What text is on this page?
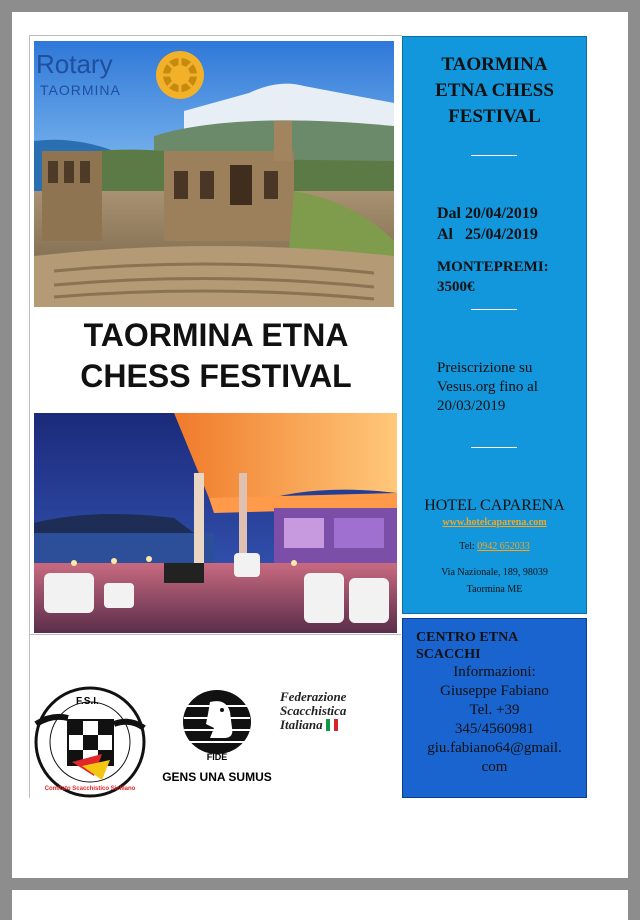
Rotary
TAORMINA
TAORMINA ETNA
CHESS FESTIVAL
F.S.I.
Comitato Scacchistico Siciliano
FIDE
GENS UNA SUMUS
Federazione
Scacchistica
Italiana
TAORMINA
ETNA CHESS
FESTIVAL
Dal 20/04/2019
Al   25/04/2019
MONTEPREMI:
3500€
Preiscrizione su
Vesus.org fino al
20/03/2019
HOTEL CAPARENA
www.hotelcaparena.com
Tel: 0942 652033
Via Nazionale, 189, 98039
Taormina ME
CENTRO ETNA
SCACCHI
Informazioni:
Giuseppe Fabiano
Tel. +39
345/4560981
giu.fabiano64@gmail.
com
